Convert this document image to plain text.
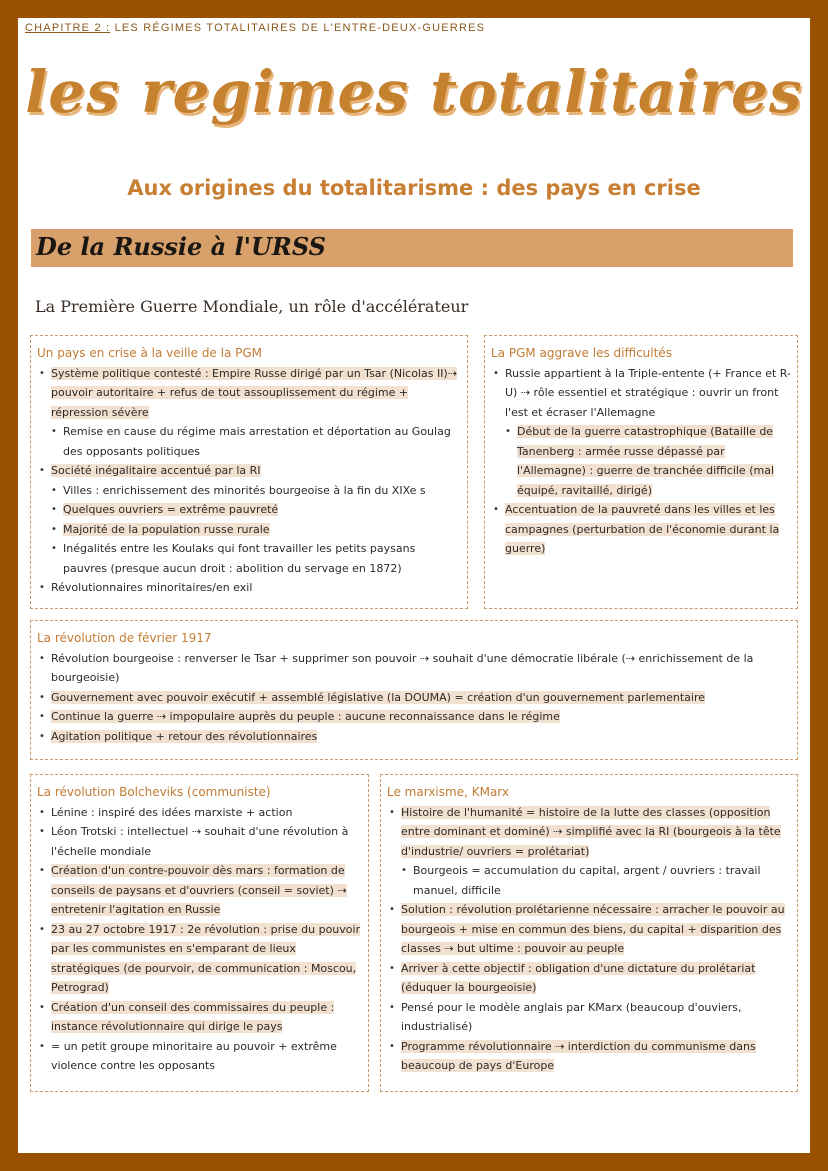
CHAPITRE 2 : LES RÉGIMES TOTALITAIRES DE L'ENTRE-DEUX-GUERRES
les regimes totalitaires
Aux origines du totalitarisme : des pays en crise
De la Russie à l'URSS
La Première Guerre Mondiale, un rôle d'accélérateur
Un pays en crise à la veille de la PGM
• Système politique contesté : Empire Russe dirigé par un Tsar (Nicolas II)⇢ pouvoir autoritaire + refus de tout assouplissement du régime + répression sévère
• Remise en cause du régime mais arrestation et déportation au Goulag des opposants politiques
• Société inégalitaire accentué par la RI
• Villes : enrichissement des minorités bourgeoise à la fin du XIXe s
• Quelques ouvriers = extrême pauvreté
• Majorité de la population russe rurale
• Inégalités entre les Koulaks qui font travailler les petits paysans pauvres (presque aucun droit : abolition du servage en 1872)
• Révolutionnaires minoritaires/en exil
La PGM aggrave les difficultés
• Russie appartient à la Triple-entente (+ France et R-U) ⇢ rôle essentiel et stratégique : ouvrir un front l'est et écraser l'Allemagne
• Début de la guerre catastrophique (Bataille de Tanenberg : armée russe dépassé par l'Allemagne) : guerre de tranchée difficile (mal équipé, ravitaillé, dirigé)
• Accentuation de la pauvreté dans les villes et les campagnes (perturbation de l'économie durant la guerre)
La révolution de février 1917
• Révolution bourgeoise : renverser le Tsar + supprimer son pouvoir ⇢ souhait d'une démocratie libérale (⇢ enrichissement de la bourgeoisie)
• Gouvernement avec pouvoir exécutif + assemblé législative (la DOUMA) = création d'un gouvernement parlementaire
• Continue la guerre ⇢ impopulaire auprès du peuple : aucune reconnaissance dans le régime
• Agitation politique + retour des révolutionnaires
La révolution Bolcheviks (communiste)
• Lénine : inspiré des idées marxiste + action
• Léon Trotski : intellectuel ⇢ souhait d'une révolution à l'échelle mondiale
• Création d'un contre-pouvoir dès mars : formation de conseils de paysans et d'ouvriers (conseil = soviet) ⇢ entretenir l'agitation en Russie
• 23 au 27 octobre 1917 : 2e révolution : prise du pouvoir par les communistes en s'emparant de lieux stratégiques (de pourvoir, de communication : Moscou, Petrograd)
• Création d'un conseil des commissaires du peuple : instance révolutionnaire qui dirige le pays
• = un petit groupe minoritaire au pouvoir + extrême violence contre les opposants
Le marxisme, KMarx
• Histoire de l'humanité = histoire de la lutte des classes (opposition entre dominant et dominé) ⇢ simplifié avec la RI (bourgeois à la tête d'industrie/ ouvriers = prolétariat)
• Bourgeois = accumulation du capital, argent / ouvriers : travail manuel, difficile
• Solution : révolution prolétarienne nécessaire : arracher le pouvoir au bourgeois + mise en commun des biens, du capital + disparition des classes ⇢ but ultime : pouvoir au peuple
• Arriver à cette objectif : obligation d'une dictature du prolétariat (éduquer la bourgeoisie)
• Pensé pour le modèle anglais par KMarx (beaucoup d'ouviers, industrialisé)
• Programme révolutionnaire ⇢ interdiction du communisme dans beaucoup de pays d'Europe
